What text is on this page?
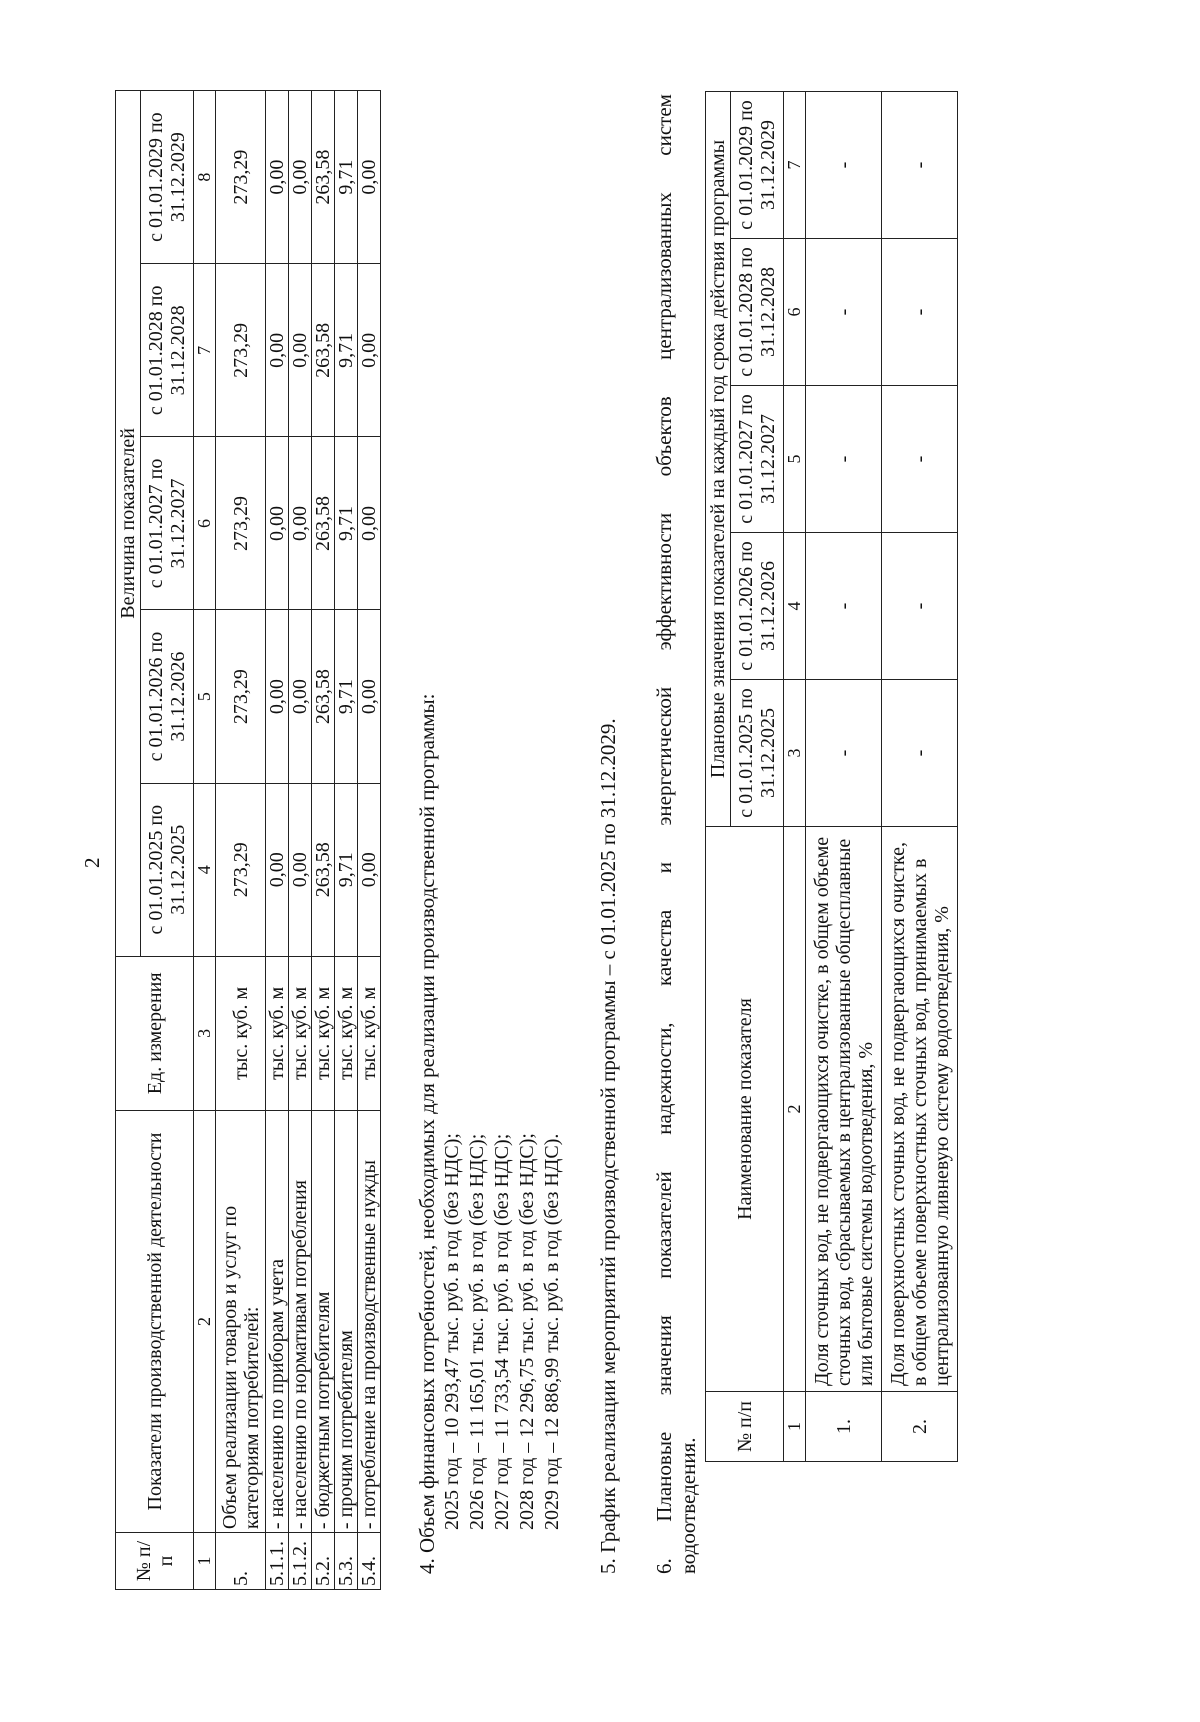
2
№ п/п	Показатели производственной деятельности	Ед. измерения	Величина показателей				
			с 01.01.2025 по 31.12.2025	с 01.01.2026 по 31.12.2026	с 01.01.2027 по 31.12.2027	с 01.01.2028 по 31.12.2028	с 01.01.2029 по 31.12.2029
1	2	3	4	5	6	7	8
5.	Объем реализации товаров и услуг по категориям потребителей:	тыс. куб. м	273,29	273,29	273,29	273,29	273,29
5.1.1.	- населению по приборам учета	тыс. куб. м	0,00	0,00	0,00	0,00	0,00
5.1.2.	- населению по нормативам потребления	тыс. куб. м	0,00	0,00	0,00	0,00	0,00
5.2.	- бюджетным потребителям	тыс. куб. м	263,58	263,58	263,58	263,58	263,58
5.3.	- прочим потребителям	тыс. куб. м	9,71	9,71	9,71	9,71	9,71
5.4.	- потребление на производственные нужды	тыс. куб. м	0,00	0,00	0,00	0,00	0,00
4. Объем финансовых потребностей, необходимых для реализации производственной программы: 2025 год – 10 293,47 тыс. руб. в год (без НДС); 2026 год – 11 165,01 тыс. руб. в год (без НДС); 2027 год – 11 733,54 тыс. руб. в год (без НДС); 2028 год – 12 296,75 тыс. руб. в год (без НДС); 2029 год – 12 886,99 тыс. руб. в год (без НДС). 5. График реализации мероприятий производственной программы – с 01.01.2025 по 31.12.2029. 6.
Плановые
значения
показателей
надежности,
качества
и
энергетической
эффективности
объектов
централизованных
систем
водоотведения.
№ п/п	Наименование показателя	Плановые значения показателей на каждый год срока действия программы				
		с 01.01.2025 по 31.12.2025	с 01.01.2026 по 31.12.2026	с 01.01.2027 по 31.12.2027	с 01.01.2028 по 31.12.2028	с 01.01.2029 по 31.12.2029
1	2	3	4	5	6	7
1.	Доля сточных вод, не подвергающихся очистке, в общем объеме сточных вод, сбрасываемых в централизованные общесплавные или бытовые системы водоотведения, %	-	-	-	-	-
2.	Доля поверхностных сточных вод, не подвергающихся очистке, в общем объеме поверхностных сточных вод, принимаемых в централизованную ливневую систему водоотведения, %	-	-	-	-	-
